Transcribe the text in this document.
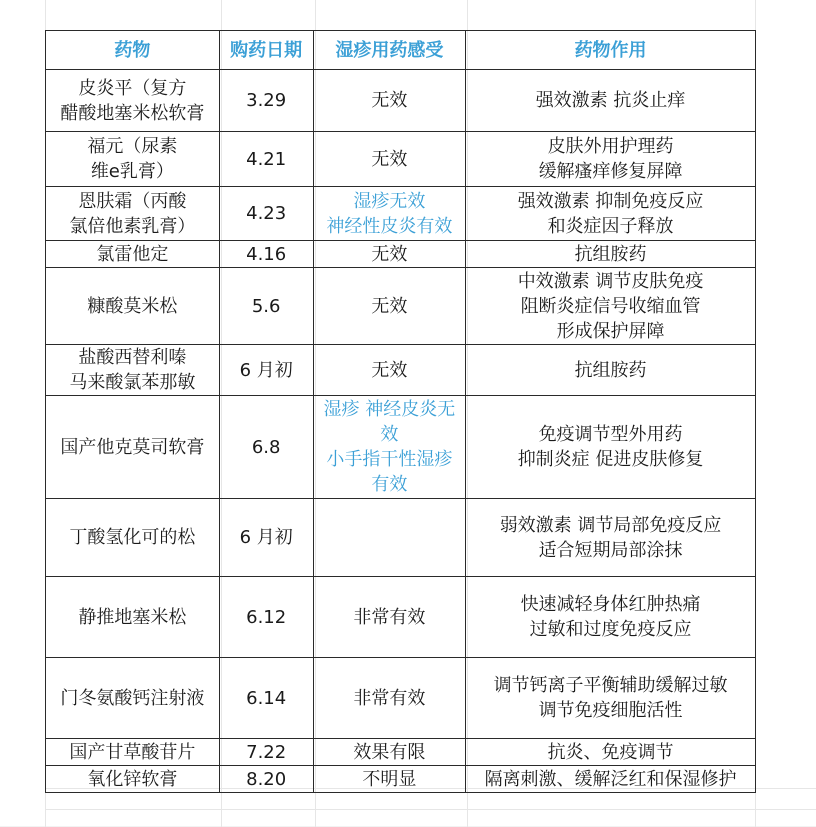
药物	购药日期	湿疹用药感受	药物作用

皮炎平（复方
醋酸地塞米松软膏	3.29	无效	强效激素 抗炎止痒

福元（尿素
维e乳膏）	4.21	无效	皮肤外用护理药
缓解瘙痒修复屏障

恩肤霜（丙酸
氯倍他素乳膏）	4.23	湿疹无效
神经性皮炎有效	强效激素 抑制免疫反应
和炎症因子释放

氯雷他定	4.16	无效	抗组胺药

糠酸莫米松	5.6	无效	中效激素 调节皮肤免疫
阻断炎症信号收缩血管
形成保护屏障

盐酸西替利嗪
马来酸氯苯那敏	6 月初	无效	抗组胺药

国产他克莫司软膏	6.8	湿疹 神经皮炎无
效
小手指干性湿疹
有效	免疫调节型外用药
抑制炎症 促进皮肤修复

丁酸氢化可的松	6 月初		弱效激素 调节局部免疫反应
适合短期局部涂抹

静推地塞米松	6.12	非常有效	快速减轻身体红肿热痛
过敏和过度免疫反应

门冬氨酸钙注射液	6.14	非常有效	调节钙离子平衡辅助缓解过敏
调节免疫细胞活性

国产甘草酸苷片	7.22	效果有限	抗炎、免疫调节

氧化锌软膏	8.20	不明显	隔离刺激、缓解泛红和保湿修护
